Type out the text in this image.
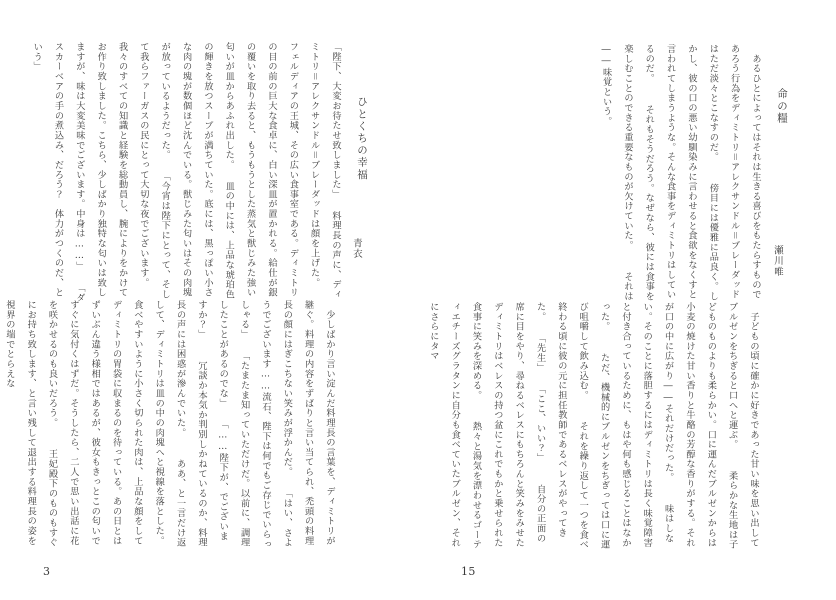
ひとくちの幸福
青衣
「陛下、大変お待たせ致しました」 料理長の声に、ディミトリ＝アレクサンドル＝ブレーダッドは顔を上げた。 フェルディアの王城、その広い食事室である。ディミトリの目の前の巨大な食卓に、白い深皿が置かれる。給仕が銀の覆いを取り去ると、もうもうとした蒸気と獣じみた強い匂いが皿からあふれ出した。 皿の中には、上品な琥珀色の輝きを放つスープが満ちていた。底には、黒っぽい小さな肉の塊が数個ほど沈んでいる。獣じみた匂いはその肉塊が放っているようだった。 「今宵は陛下にとって、そして我らファーガスの民にとって大切な夜でございます。我々のすべての知識と経験を総動員し、腕によりをかけてお作り致しました。こちら、少しばかり独特な匂いは致しますが、味は大変美味でございます。中身は……」 「ダスカーベアの手の煮込み、だろう？　体力がつくのだ、という」
　少しばかり言い淀んだ料理長の言葉を、ディミトリが継ぐ。料理の内容をずばりと言い当てられ、禿頭の料理長の顔にはぎこちない笑みが浮かんだ。 「はい、さようでございます……流石、陛下は何でもご存じでいらっしゃる」 「たまたま知っていただけだ。以前に、調理したことがあるのでな」 「……陛下が、でございますか？」 　冗談か本気か判別しかねているのか、料理長の声には困惑が滲んでいた。 　ああ、と一言だけ返して、ディミトリは皿の中の肉塊へと視線を落とした。食べやすいように小さく切られた肉は、上品な顔をしてディミトリの胃袋に収まるのを待っている。あの日とはずいぶん違う様相ではあるが、彼女もきっとこの匂いですぐに気付くはずだ。そうしたら、二人で思い出話に花を咲かせるのも良いだろう。 　王妃殿下のものもすぐにお持ち致します、と言い残して退出する料理長の姿を視界の端でとらえな
3
命の糧
瀬川唯
　あるひとによってはそれは生きる喜びをもたらすものであろう行為をディミトリ＝アレクサンドル＝ブレーダッドはただ淡々とこなすのだ。 　傍目には優雅に品良く。しかし、彼の口の悪い幼馴染みに言わせると食欲をなくすと言われてしまうような。そんな食事をディミトリはしているのだ。 　それもそうだろう。なぜなら、彼には食事を楽しむことのできる重要なものが欠けていた。 　それは――味覚という。
　子どもの頃に確かに好きであった甘い味を思い出してブルゼンをちぎると口へと運ぶ。 　柔らかな生地は子どものものよりも柔らかい。口に運んだブルゼンからは小麦の焼けた甘い香りと牛酪の芳醇な香りがする。それが口の中に広がり――それだけだった。 　味はしない。そのことに落胆するにはディミトリは長く味覚障害と付き合っているために、もはや何も感じることはなかった。 　ただ、機械的にブルゼンをちぎっては口に運び咀嚼して飲み込む。 　それを繰り返して一つを食べ終わる頃に彼の元に担任教師であるベレスがやってきた。 「先生」 「ここ、いい？」 　自分の正面の席に目をやり、尋ねるベレスにもちろんと笑みをみせたディミトリはベレスの持つ盆にこれでもかと乗せられた食事に笑みを深める。 　熱々と湯気を漂わせるゴーティエチーズグラタンに自分も食べていたブルゼン、それにさらにタマ
15
